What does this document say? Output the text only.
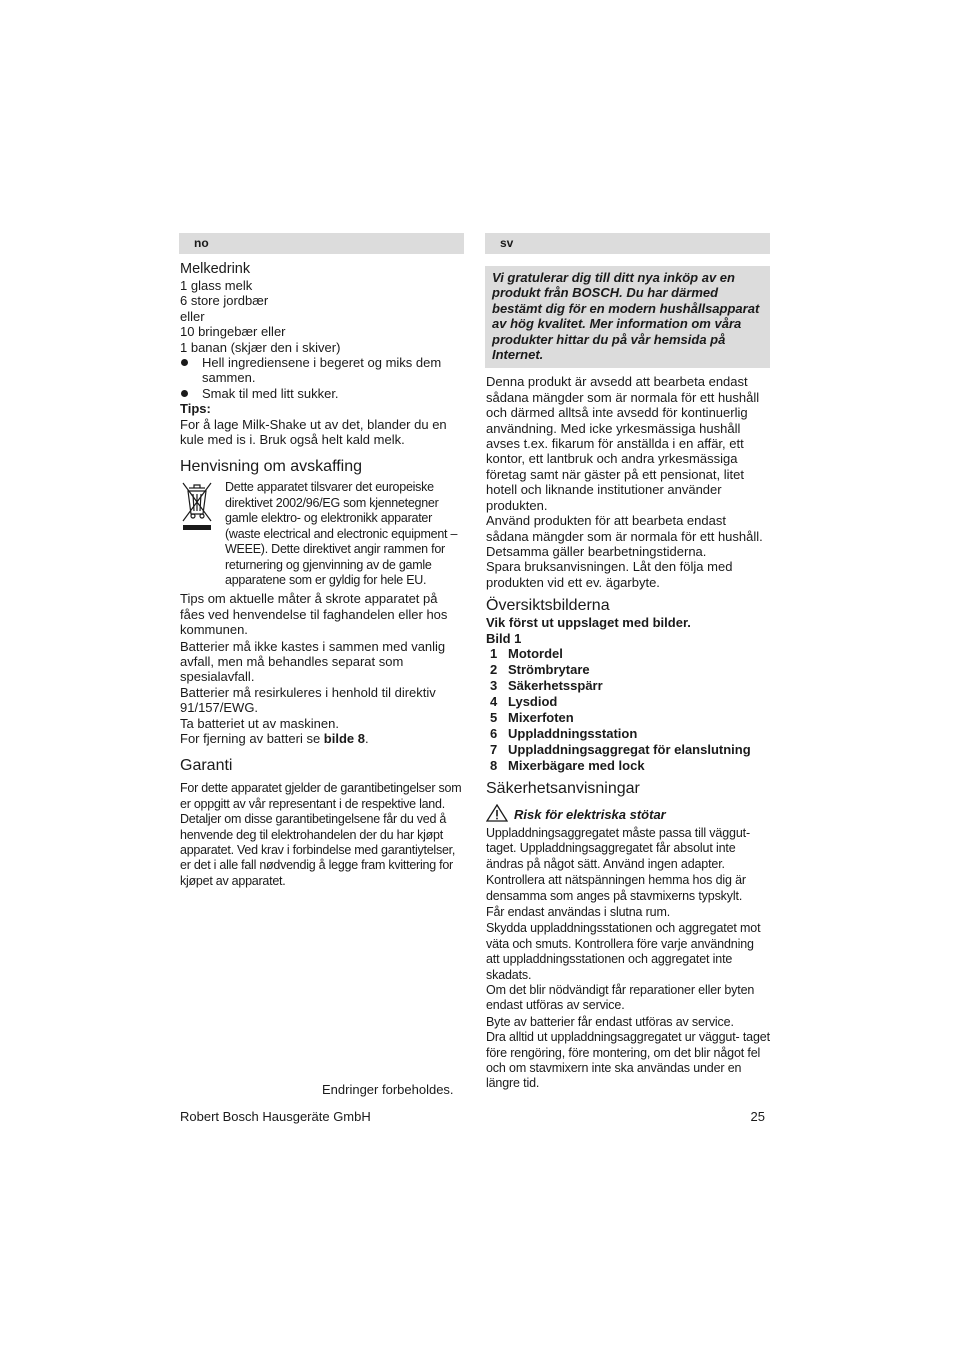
no
Melkedrink

1 glass melk

6 store jordbær

eller

10 bringebær eller

1 banan (skjær den i skiver)

Hell ingrediensene i begeret og miks dem sammen.
Smak til med litt sukker.

Tips:

For å lage Milk-Shake ut av det, blander du en kule med is i. Bruk også helt kald melk.

Henvisning om avskaffing

Dette apparatet tilsvarer det europeiske direktivet 2002/96/EG som kjennetegner gamle elektro- og elektronikk apparater (waste electrical and electronic equipment – WEEE). Dette direktivet angir rammen for returnering og gjenvinning av de gamle apparatene som er gyldig for hele EU.

Tips om aktuelle måter å skrote apparatet på fåes ved henvendelse til faghandelen eller hos kommunen.

Batterier må ikke kastes i sammen med vanlig avfall, men må behandles separat som spesialavfall.

Batterier må resirkuleres i henhold til direktiv 91/157/EWG.

Ta batteriet ut av maskinen.

For fjerning av batteri se bilde 8.

Garanti

For dette apparatet gjelder de garantibetingelser som er oppgitt av vår representant i de respektive land. Detaljer om disse garantibetingelsene får du ved å henvende deg til elektrohandelen der du har kjøpt apparatet. Ved krav i forbindelse med garantiytelser, er det i alle fall nødvendig å legge fram kvittering for kjøpet av apparatet.

Endringer forbeholdes.
sv
Vi gratulerar dig till ditt nya inköp av en produkt från BOSCH. Du har därmed bestämt dig för en modern hushållsapparat av hög kvalitet. Mer information om våra produkter hittar du på vår hemsida på Internet.

Denna produkt är avsedd att bearbeta endast sådana mängder som är normala för ett hushåll och därmed alltså inte avsedd för kontinuerlig användning. Med icke yrkesmässiga hushåll avses t.ex. fikarum för anställda i en affär, ett kontor, ett lantbruk och andra yrkesmässiga företag samt när gäster på ett pensionat, litet hotell och liknande institutioner använder produkten.

Använd produkten för att bearbeta endast sådana mängder som är normala för ett hushåll. Detsamma gäller bearbetningstiderna.

Spara bruksanvisningen. Låt den följa med produkten vid ett ev. ägarbyte.

Översiktsbilderna

Vik först ut uppslaget med bilder.

Bild 1

1 Motordel
2 Strömbrytare
3 Säkerhetsspärr
4 Lysdiod
5 Mixerfoten
6 Uppladdningsstation
7 Uppladdningsaggregat för elanslutning
8 Mixerbägare med lock
Säkerhetsanvisningar
Risk för elektriska stötar

Uppladdningsaggregatet måste passa till väggut- taget. Uppladdningsaggregatet får absolut inte ändras på något sätt. Använd ingen adapter.

Kontrollera att nätspänningen hemma hos dig är densamma som anges på stavmixerns typskylt.

Får endast användas i slutna rum.

Skydda uppladdningsstationen och aggregatet mot väta och smuts. Kontrollera före varje användning att uppladdningsstationen och aggregatet inte skadats.

Om det blir nödvändigt får reparationer eller byten endast utföras av service.

Byte av batterier får endast utföras av service.

Dra alltid ut uppladdningsaggregatet ur väggut- taget före rengöring, före montering, om det blir något fel och om stavmixern inte ska användas under en längre tid.

Robert Bosch Hausgeräte GmbH	25
